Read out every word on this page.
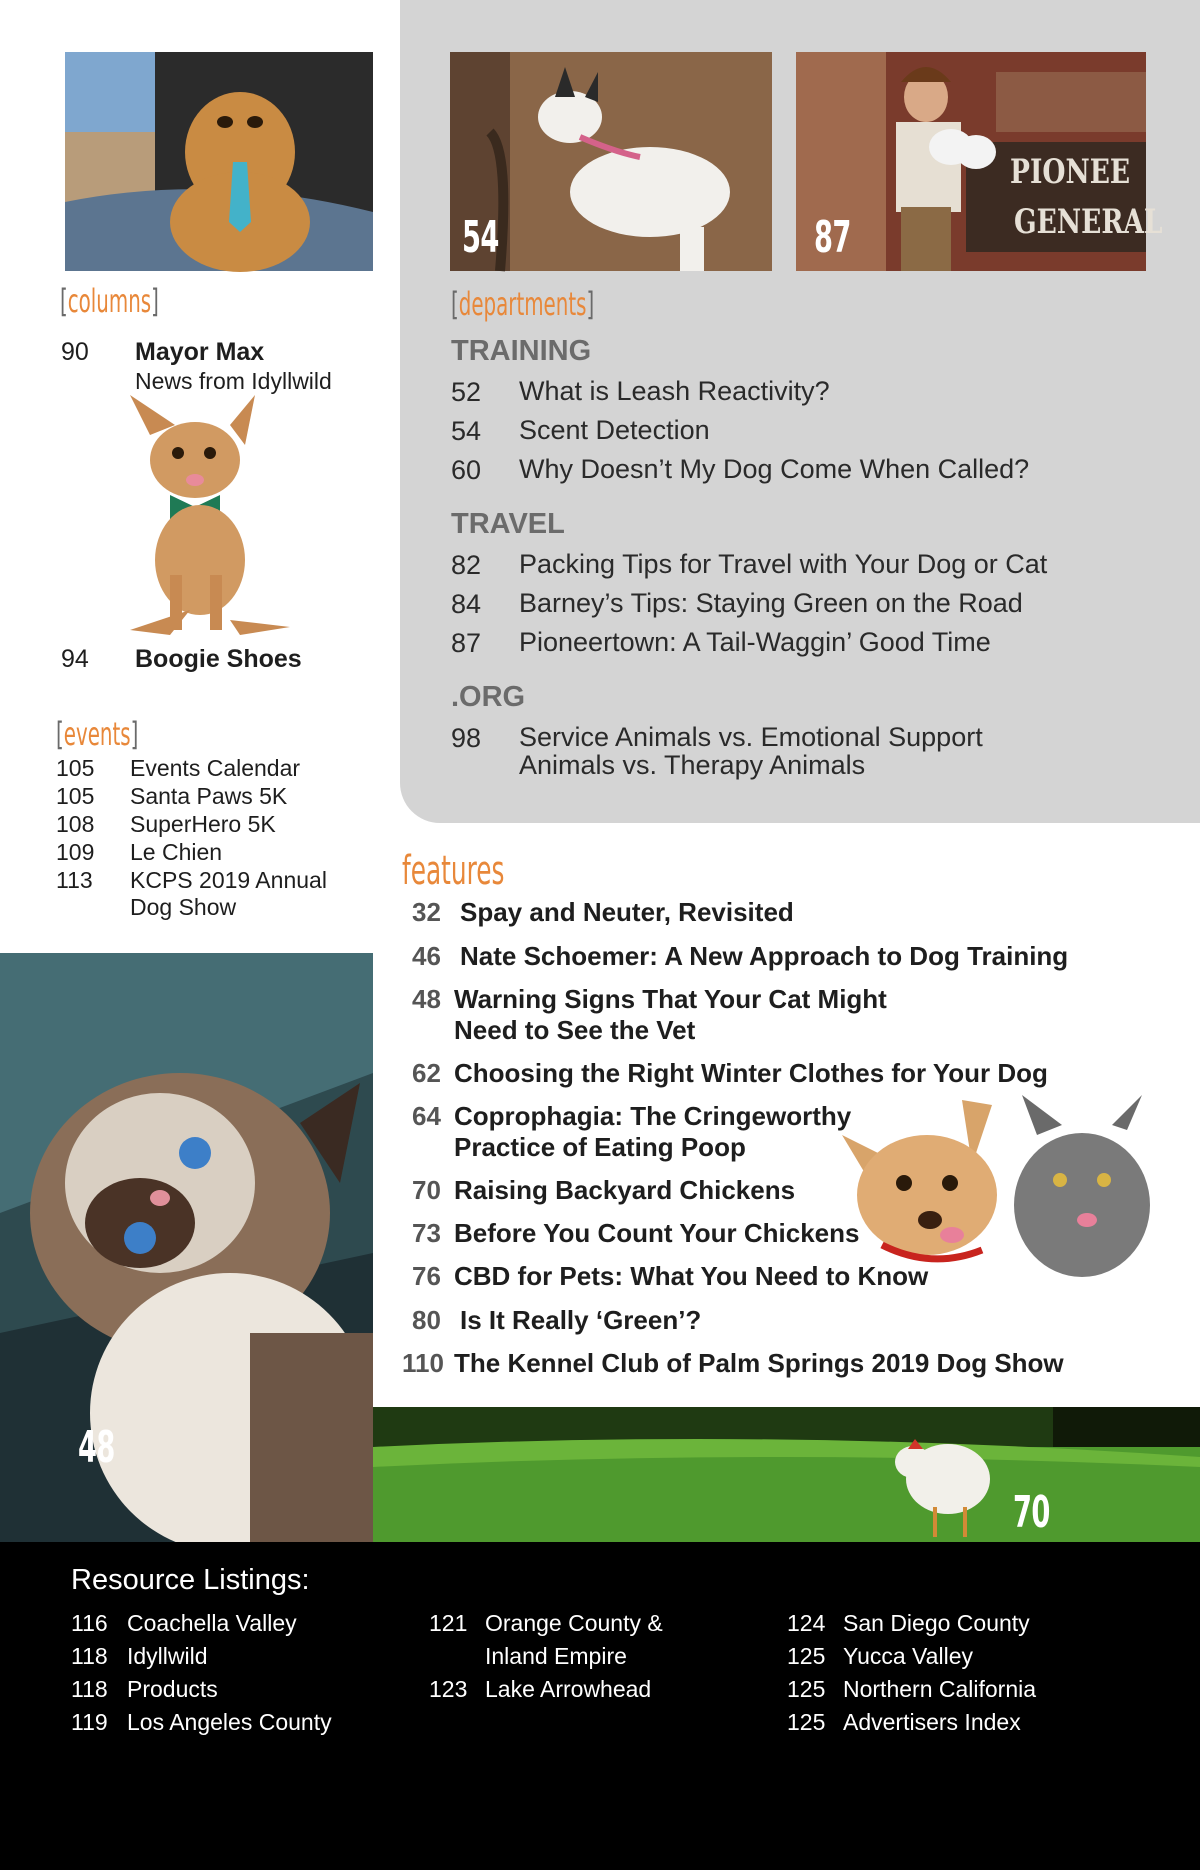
54
PIONEE
GENERAL
87
[columns]
90 Mayor Max
News from Idyllwild
94 Boogie Shoes
[events]
105 Events Calendar
105 Santa Paws 5K
108 SuperHero 5K
109 Le Chien
113 KCPS 2019 Annual Dog Show
[departments]
TRAINING
52 What is Leash Reactivity?
54 Scent Detection
60 Why Doesn’t My Dog Come When Called?
TRAVEL
82 Packing Tips for Travel with Your Dog or Cat
84 Barney’s Tips: Staying Green on the Road
87 Pioneertown: A Tail-Waggin’ Good Time
.ORG
98 Service Animals vs. Emotional Support Animals vs. Therapy Animals
features
32 Spay and Neuter, Revisited
46 Nate Schoemer: A New Approach to Dog Training
48 Warning Signs That Your Cat Might Need to See the Vet
62 Choosing the Right Winter Clothes for Your Dog
64 Coprophagia: The Cringeworthy Practice of Eating Poop
70 Raising Backyard Chickens
73 Before You Count Your Chickens
76 CBD for Pets: What You Need to Know
80 Is It Really ‘Green’?
110 The Kennel Club of Palm Springs 2019 Dog Show
48
70
Resource Listings:
116 Coachella Valley
118 Idyllwild
118 Products
119 Los Angeles County
121 Orange County & Inland Empire
123 Lake Arrowhead
124 San Diego County
125 Yucca Valley
125 Northern California
125 Advertisers Index
